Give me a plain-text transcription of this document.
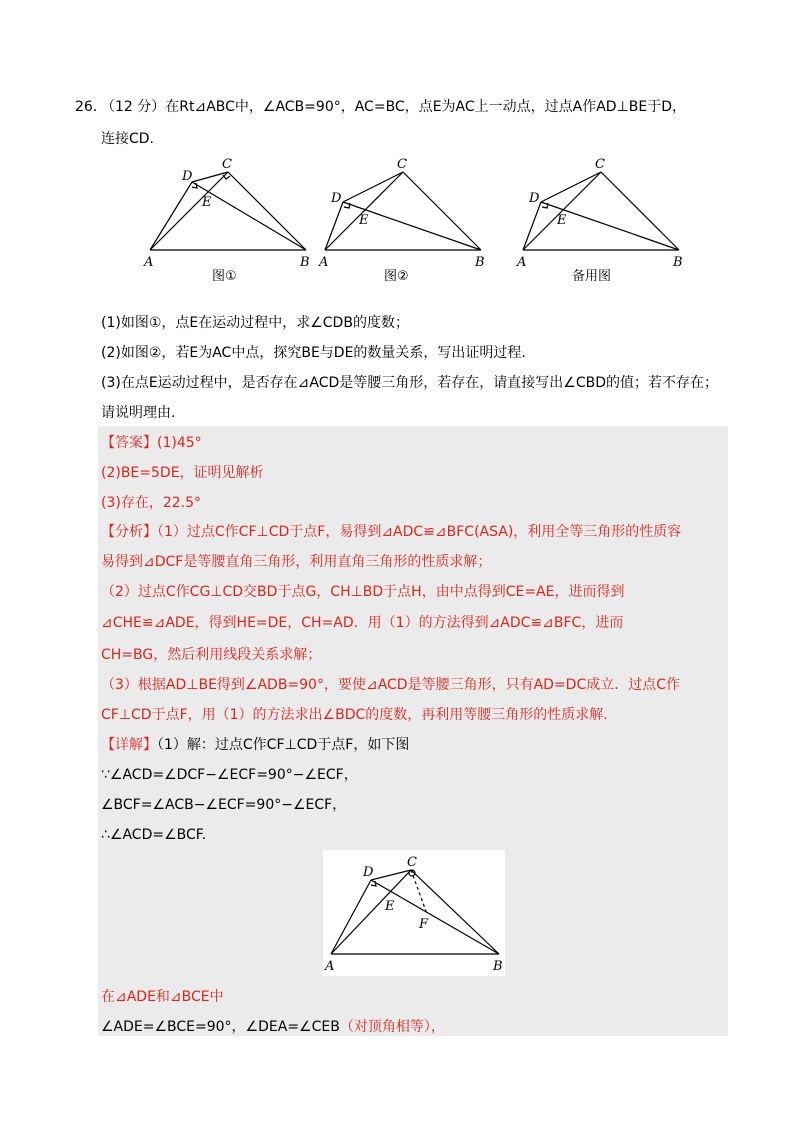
26. （12 分）在Rt⊿ABC中，∠ACB=90°，AC=BC，点E为AC上一动点，过点A作AD⊥BE于D，
连接CD.
A	B
C
D
E
图①
A	B
C
D
E
图②
A	B
C
D
E
备用图
(1)如图①，点E在运动过程中，求∠CDB的度数；
(2)如图②，若E为AC中点，探究BE与DE的数量关系，写出证明过程.
(3)在点E运动过程中，是否存在⊿ACD是等腰三角形，若存在，请直接写出∠CBD的值；若不存在；
请说明理由.
【答案】(1)45°
(2)BE=5DE，证明见解析
(3)存在，22.5°
【分析】（1）过点C作CF⊥CD于点F，易得到⊿ADC≌⊿BFC(ASA)，利用全等三角形的性质容
易得到⊿DCF是等腰直角三角形，利用直角三角形的性质求解；
（2）过点C作CG⊥CD交BD于点G，CH⊥BD于点H，由中点得到CE=AE，进而得到
⊿CHE≌⊿ADE，得到HE=DE，CH=AD．用（1）的方法得到⊿ADC≌⊿BFC，进而
CH=BG，然后利用线段关系求解；
（3）根据AD⊥BE得到∠ADB=90°，要使⊿ACD是等腰三角形，只有AD=DC成立．过点C作
CF⊥CD于点F，用（1）的方法求出∠BDC的度数，再利用等腰三角形的性质求解.
【详解】（1）解：过点C作CF⊥CD于点F，如下图
∵∠ACD=∠DCF−∠ECF=90°−∠ECF，
∠BCF=∠ACB−∠ECF=90°−∠ECF，
∴∠ACD=∠BCF.
A	B
C
D
E
F
在⊿ADE和⊿BCE中
∠ADE=∠BCE=90°，∠DEA=∠CEB（对顶角相等），
